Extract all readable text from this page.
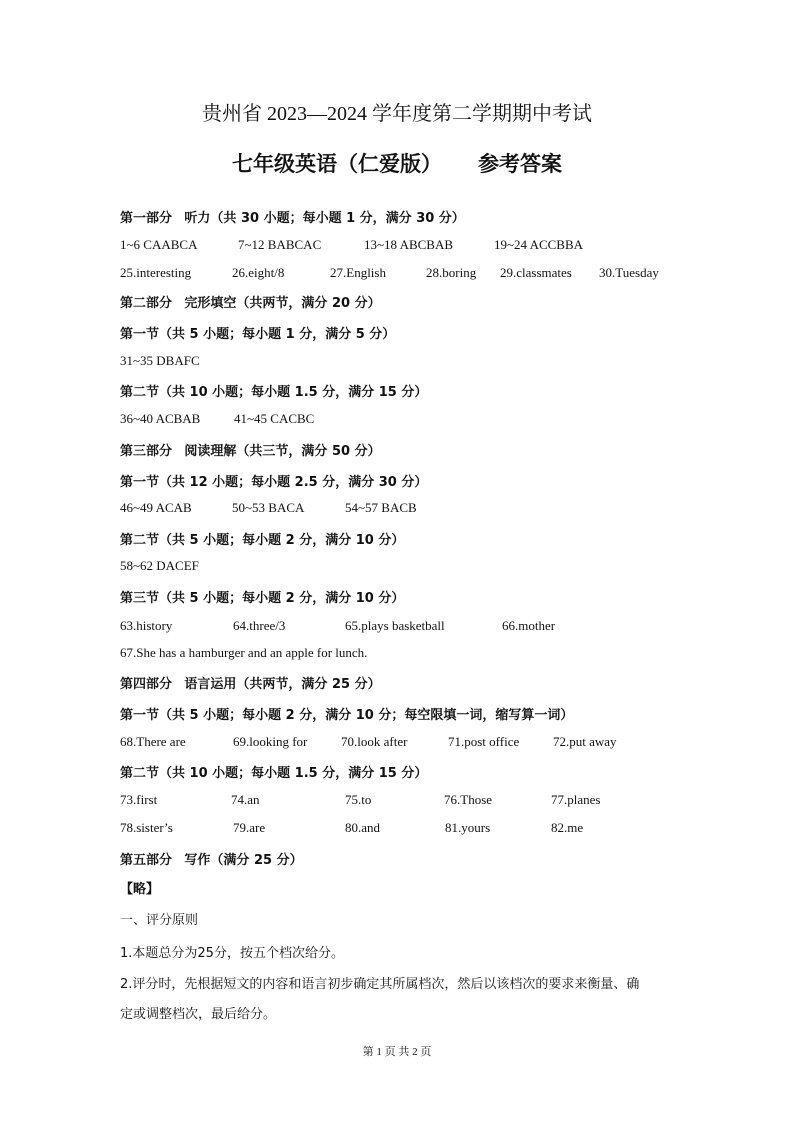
贵州省 2023—2024 学年度第二学期期中考试
七年级英语（仁爱版） 参考答案
第一部分 听力（共 30 小题；每小题 1 分，满分 30 分）
1~6 CAABCA	7~12 BABCAC	13~18 ABCBAB	19~24 ACCBBA
25.interesting	26.eight/8	27.English	28.boring 29.classmates 30.Tuesday
第二部分 完形填空（共两节，满分 20 分）
第一节（共 5 小题；每小题 1 分，满分 5 分）
31~35 DBAFC
第二节（共 10 小题；每小题 1.5 分，满分 15 分）
36~40 ACBAB	41~45 CACBC
第三部分 阅读理解（共三节，满分 50 分）
第一节（共 12 小题；每小题 2.5 分，满分 30 分）
46~49 ACAB	50~53 BACA	54~57 BACB
第二节（共 5 小题；每小题 2 分，满分 10 分）
58~62 DACEF
第三节（共 5 小题；每小题 2 分，满分 10 分）
63.history	64.three/3	65.plays basketball	66.mother
67.She has a hamburger and an apple for lunch.
第四部分 语言运用（共两节，满分 25 分）
第一节（共 5 小题；每小题 2 分，满分 10 分；每空限填一词，缩写算一词）
68.There are	69.looking for	70.look after	71.post office	72.put away
第二节（共 10 小题；每小题 1.5 分，满分 15 分）
73.first	74.an	75.to	76.Those	77.planes
78.sister’s	79.are	80.and	81.yours	82.me
第五部分 写作（满分 25 分）
【略】
一、评分原则
1.本题总分为25分，按五个档次给分。
2.评分时，先根据短文的内容和语言初步确定其所属档次，然后以该档次的要求来衡量、确
定或调整档次，最后给分。
第 1 页 共 2 页
